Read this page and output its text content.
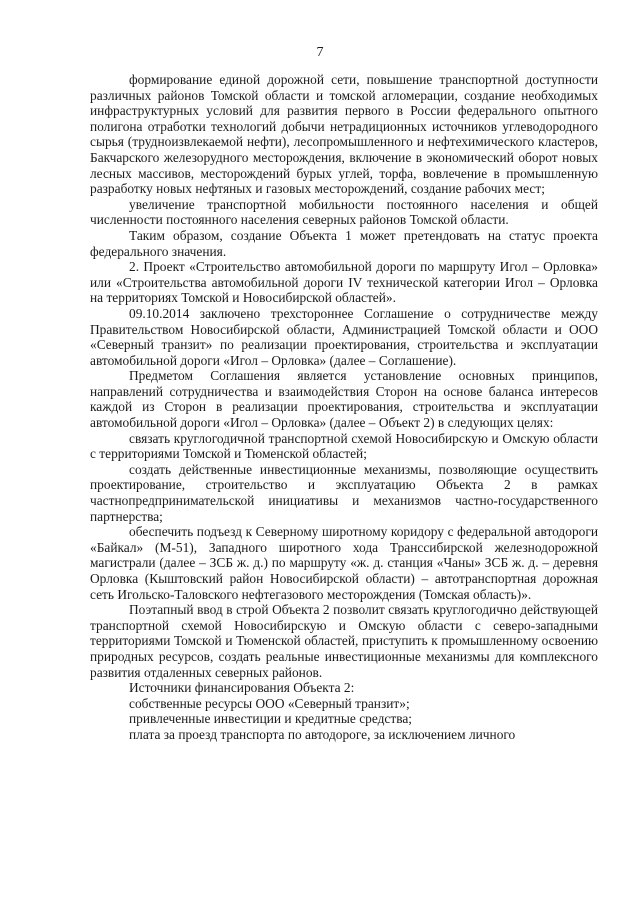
7

формирование единой дорожной сети, повышение транспортной доступности различных районов Томской области и томской агломерации, создание необходимых инфраструктурных условий для развития первого в России федерального опытного полигона отработки технологий добычи нетрадиционных источников углеводородного сырья (трудноизвлекаемой нефти), лесопромышленного и нефтехимического кластеров, Бакчарского железорудного месторождения, включение в экономический оборот новых лесных массивов, месторождений бурых углей, торфа, вовлечение в промышленную разработку новых нефтяных и газовых месторождений, создание рабочих мест;

увеличение транспортной мобильности постоянного населения и общей численности постоянного населения северных районов Томской области.

Таким образом, создание Объекта 1 может претендовать на статус проекта федерального значения.

2. Проект «Строительство автомобильной дороги по маршруту Игол – Орловка» или «Строительства автомобильной дороги IV технической категории Игол – Орловка на территориях Томской и Новосибирской областей».

09.10.2014 заключено трехстороннее Соглашение о сотрудничестве между Правительством Новосибирской области, Администрацией Томской области и ООО «Северный транзит» по реализации проектирования, строительства и эксплуатации автомобильной дороги «Игол – Орловка» (далее – Соглашение).

Предметом Соглашения является установление основных принципов, направлений сотрудничества и взаимодействия Сторон на основе баланса интересов каждой из Сторон в реализации проектирования, строительства и эксплуатации автомобильной дороги «Игол – Орловка» (далее – Объект 2) в следующих целях:

связать круглогодичной транспортной схемой Новосибирскую и Омскую области с территориями Томской и Тюменской областей;

создать действенные инвестиционные механизмы, позволяющие осуществить проектирование, строительство и эксплуатацию Объекта 2 в рамках частнопредпринимательской инициативы и механизмов частно-государственного партнерства;

обеспечить подъезд к Северному широтному коридору с федеральной автодороги «Байкал» (М-51), Западного широтного хода Транссибирской железнодорожной магистрали (далее – ЗСБ ж. д.) по маршруту «ж. д. станция «Чаны» ЗСБ ж. д. – деревня Орловка (Кыштовский район Новосибирской области) – автотранспортная дорожная сеть Игольско-Таловского нефтегазового месторождения (Томская область)».

Поэтапный ввод в строй Объекта 2 позволит связать круглогодично действующей транспортной схемой Новосибирскую и Омскую области с северо-западными территориями Томской и Тюменской областей, приступить к промышленному освоению природных ресурсов, создать реальные инвестиционные механизмы для комплексного развития отдаленных северных районов.

Источники финансирования Объекта 2:

собственные ресурсы ООО «Северный транзит»;

привлеченные инвестиции и кредитные средства;

плата за проезд транспорта по автодороге, за исключением личного
